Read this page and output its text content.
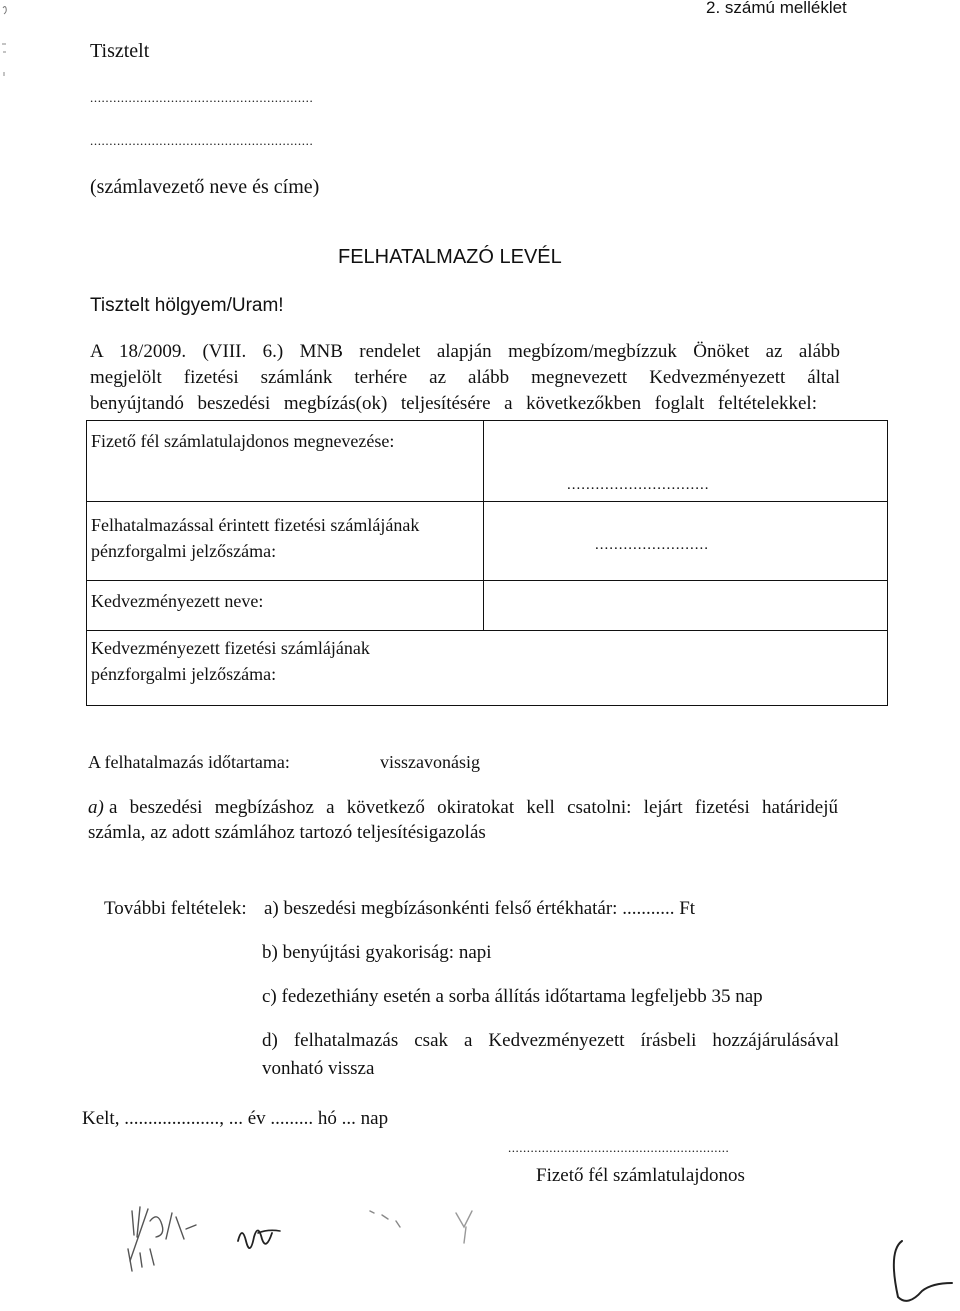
2. számú melléklet
Tisztelt
..........................................................
..........................................................
(számlavezető neve és címe)
FELHATALMAZÓ LEVÉL
Tisztelt hölgyem/Uram!
A 18/2009. (VIII. 6.) MNB rendelet alapján megbízom/megbízzuk Önöket az alább
megjelölt fizetési számlánk terhére az alább megnevezett Kedvezményezett által
benyújtandó beszedési megbízás(ok) teljesítésére a következőkben foglalt feltételekkel:
Fizető fél számlatulajdonos megnevezése:
..............................
Felhatalmazással érintett fizetési számlájának
pénzforgalmi jelzőszáma:	........................
Kedvezményezett neve:
Kedvezményezett fizetési számlájának
pénzforgalmi jelzőszáma:
A felhatalmazás időtartama:	visszavonásig
a) a beszedési megbízáshoz a következő okiratokat kell csatolni: lejárt fizetési határidejű
számla, az adott számlához tartozó teljesítésigazolás
További feltételek: a) beszedési megbízásonkénti felső értékhatár: ........... Ft
b) benyújtási gyakoriság: napi
c) fedezethiány esetén a sorba állítás időtartama legfeljebb 35 nap
d) felhatalmazás csak a Kedvezményezett írásbeli hozzájárulásával
vonható vissza
Kelt, ...................., ... év ......... hó ... nap
...........................................................
Fizető fél számlatulajdonos
